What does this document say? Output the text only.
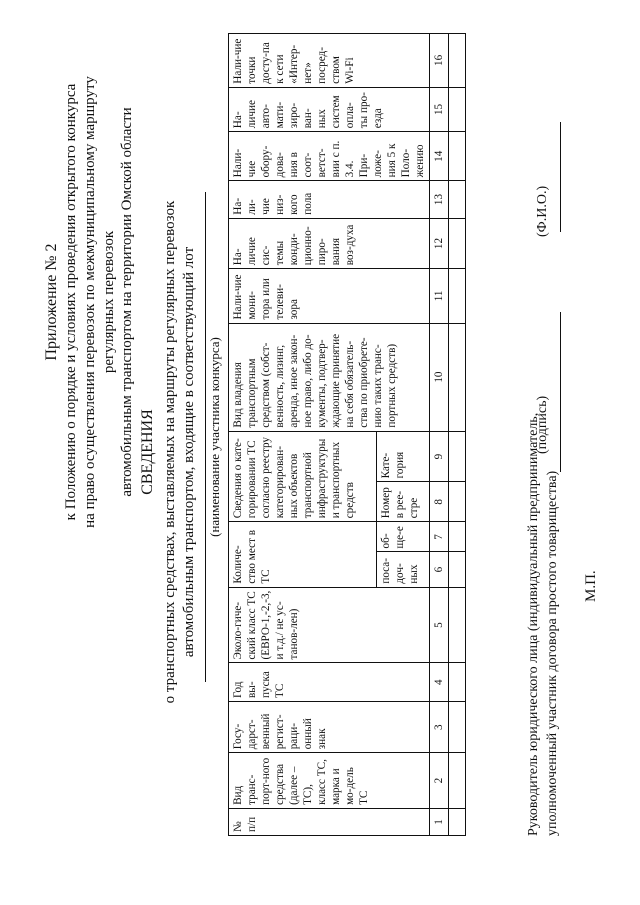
Приложение № 2 к Положению о порядке и условиях проведения открытого конкурса на право осуществления перевозок по межмуниципальному маршруту регулярных перевозок автомобильным транспортом на территории Омской области СВЕДЕНИЯ о транспортных средствах, выставляемых на маршруты регулярных перевозок автомобильным транспортом, входящие в соответствующий лот (наименование участника конкурса)
№ п/п	Вид транс-порт-ного средства (далее – ТС), класс ТС, марка и мо-дель ТС	Госу-дарст-венный регист-раци-онный знак	Год вы-пуска ТС	Эколо-гиче-ский класс ТС (ЕВРО-1,-2,-3, и т.д./ не ус-танов-лен)	Количе-ство мест в ТС		Сведения о кате-горировании ТС согласно реестру категорирован-ных объектов транспортной инфраструктуры и транспортных средств		Вид владения транспортным средством (собст-венность, лизинг, аренда, иное закон-ное право, либо до-кументы, подтвер-ждающие принятие на себя обязатель-ства по приобрете-нию таких транс-портных средств)	Нали-чие мони-тора или телеви-зора	На-личие сис-темы конди-ционно-пиро-вания воз-духа	На-ли-чие низ-кого пола	Нали-чие обору-дова-ния в соот-ветст-вии с п. 3.4. При-ложе-ния 5 к Поло-жению	На-личие авто-мати-зиро-ван-ных систем опла-ты про-езда	Нали-чие точки досту-па к сети «Интер-нет» посред-ством Wi-Fi
					поса-доч-ных	об-ще-е	Номер в рее-стре	Кате-гория							
1	2	3	4	5	6	7	8	9	10	11	12	13	14	15	16

Руководитель юридического лица (индивидуальный предприниматель, уполномоченный участник договора простого товарищества)
(подпись)
(Ф.И.О.)
М.П.
